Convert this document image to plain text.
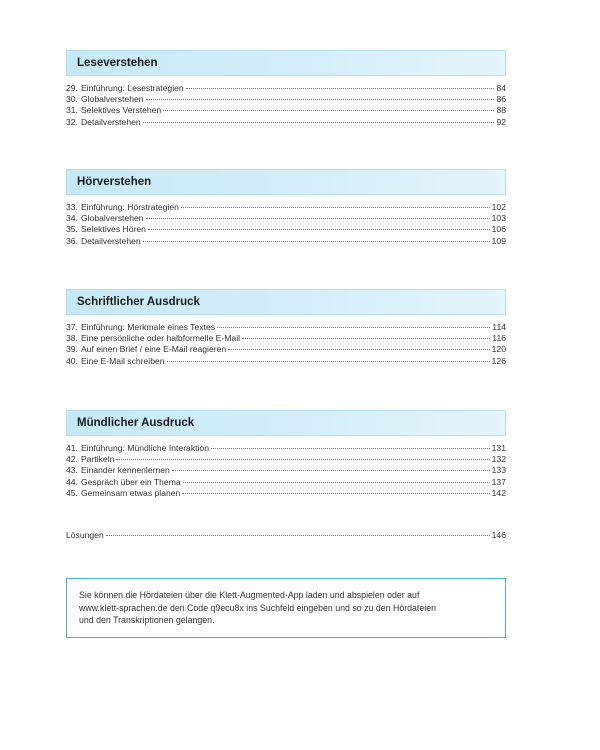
Leseverstehen
29. Einführung: Lesestrategien	84
30. Globalverstehen	86
31. Selektives Verstehen	88
32. Detailverstehen	92
Hörverstehen
33. Einführung: Hörstrategien	102
34. Globalverstehen	103
35. Selektives Hören	106
36. Detailverstehen	109
Schriftlicher Ausdruck
37. Einführung: Merkmale eines Textes	114
38. Eine persönliche oder halbformelle E-Mail	116
39. Auf einen Brief / eine E-Mail reagieren	120
40. Eine E-Mail schreiben	126
Mündlicher Ausdruck
41. Einführung: Mündliche Interaktion	131
42. Partikeln	132
43. Einander kennenlernen	133
44. Gespräch über ein Thema	137
45. Gemeinsam etwas planen	142
Lösungen	146
Sie können die Hördateien über die Klett-Augmented-App laden und abspielen oder auf
www.klett-sprachen.de den Code q9ecu8x ins Suchfeld eingeben und so zu den Hördateien
und den Transkriptionen gelangen.
